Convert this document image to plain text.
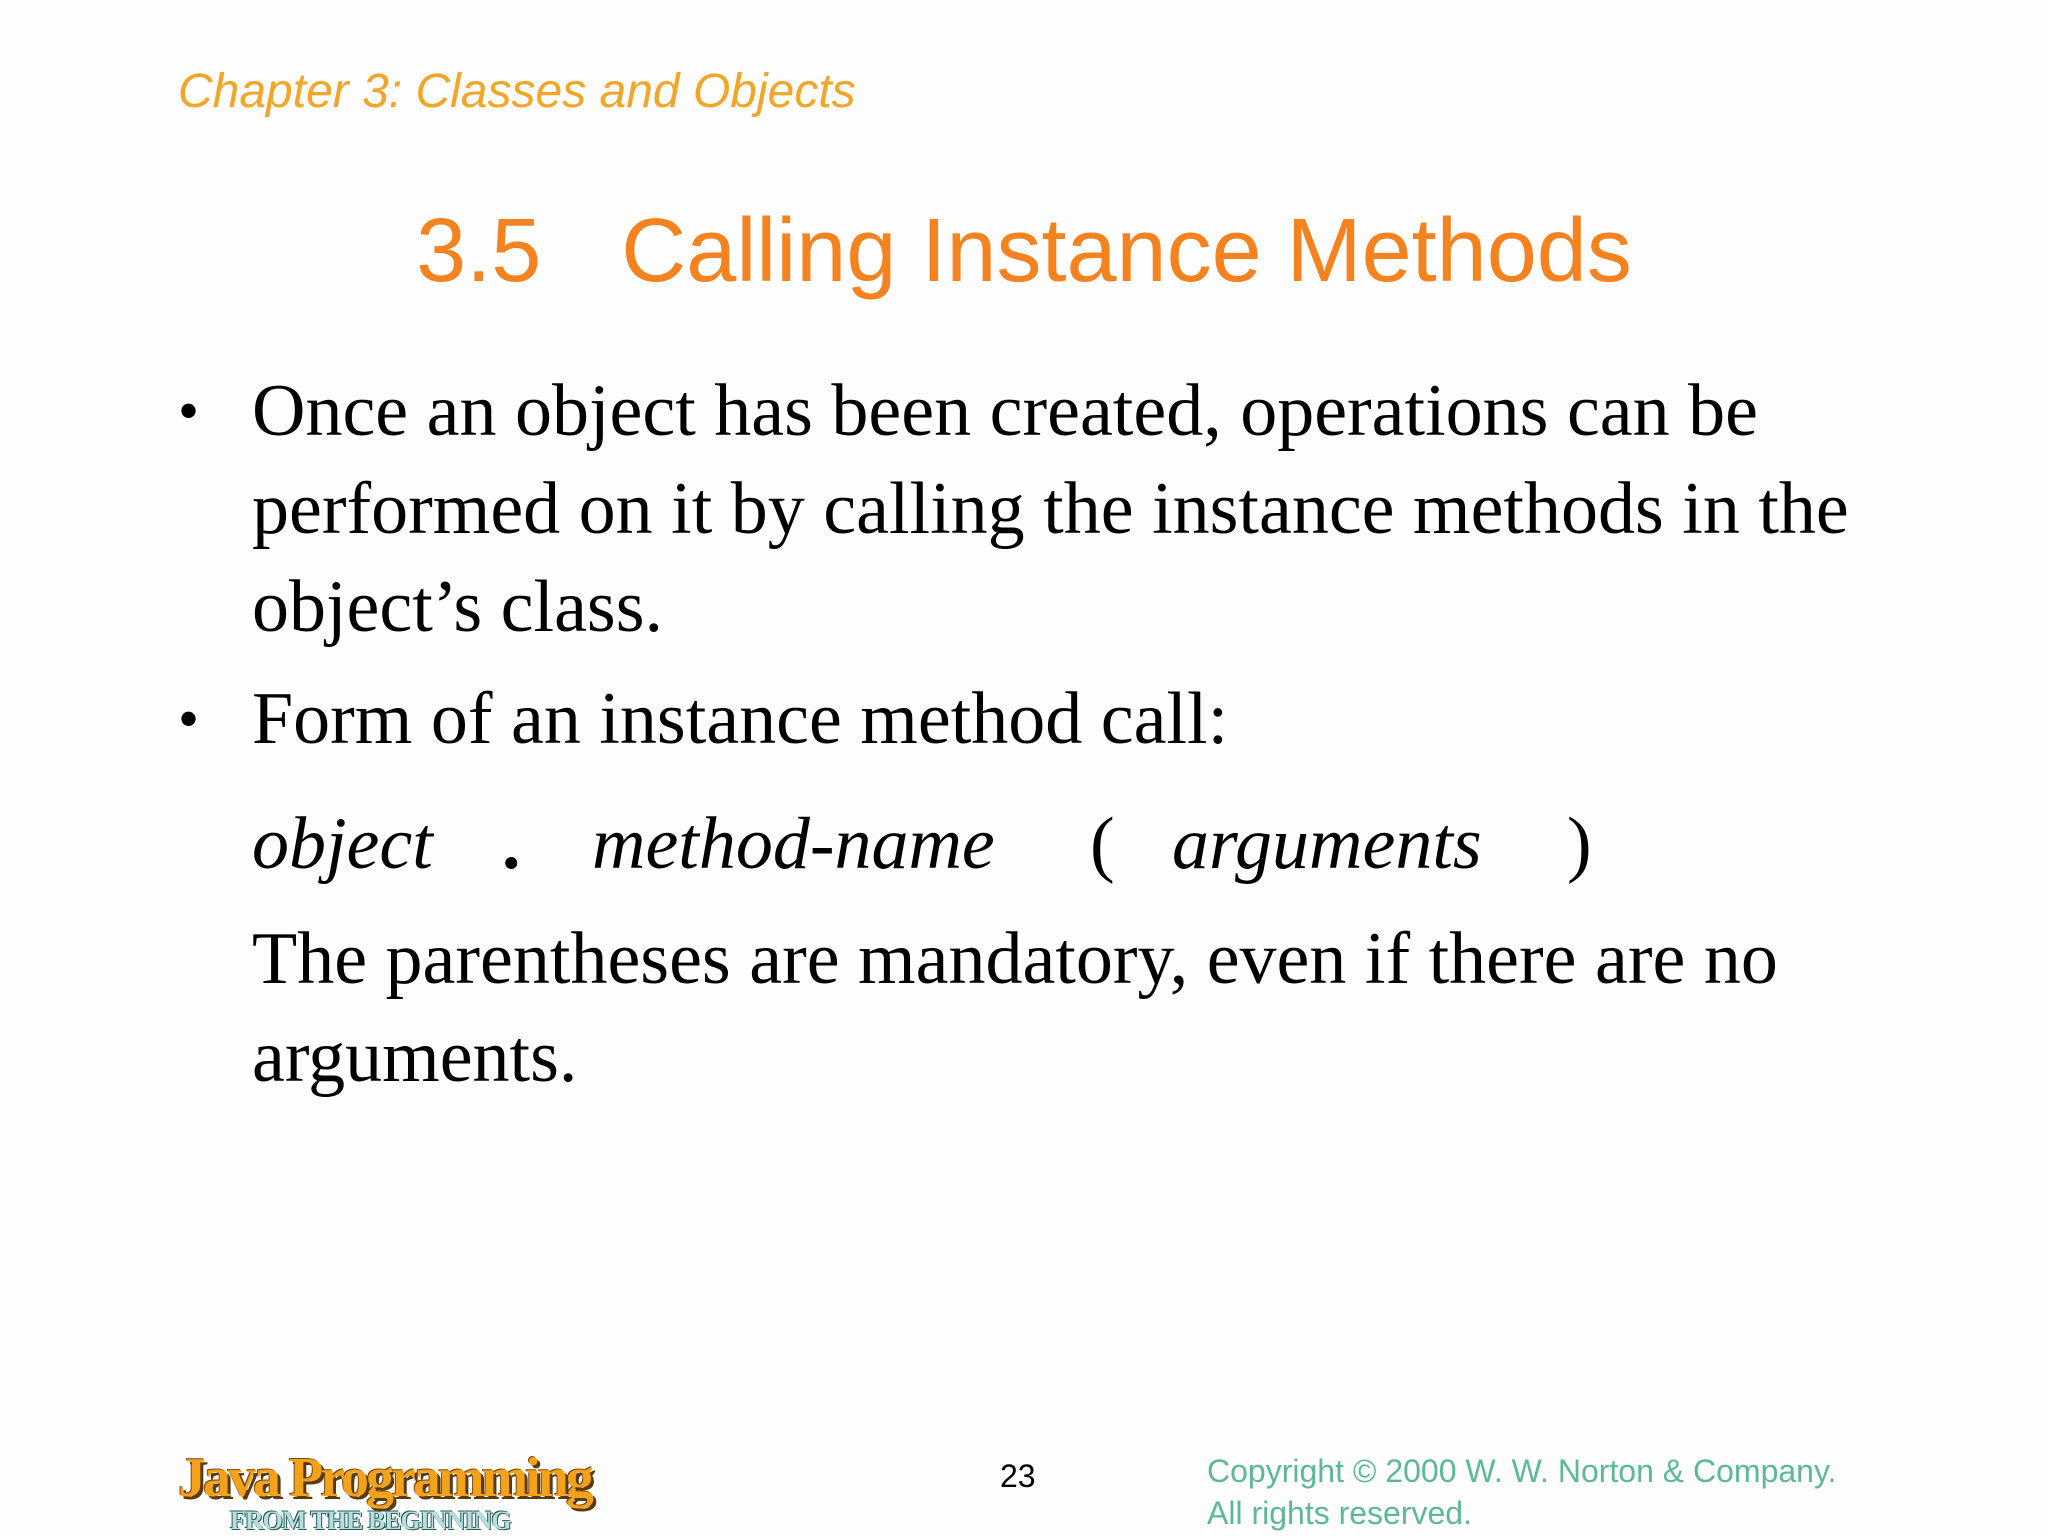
Chapter 3: Classes and Objects
3.5 Calling Instance Methods
• Once an object has been created, operations can be performed on it by calling the instance methods in the object’s class.
• Form of an instance method call:
object . method-name ( arguments )
The parentheses are mandatory, even if there are no arguments.
Java Programming
FROM THE BEGINNING
23	Copyright © 2000 W. W. Norton & Company.
All rights reserved.
